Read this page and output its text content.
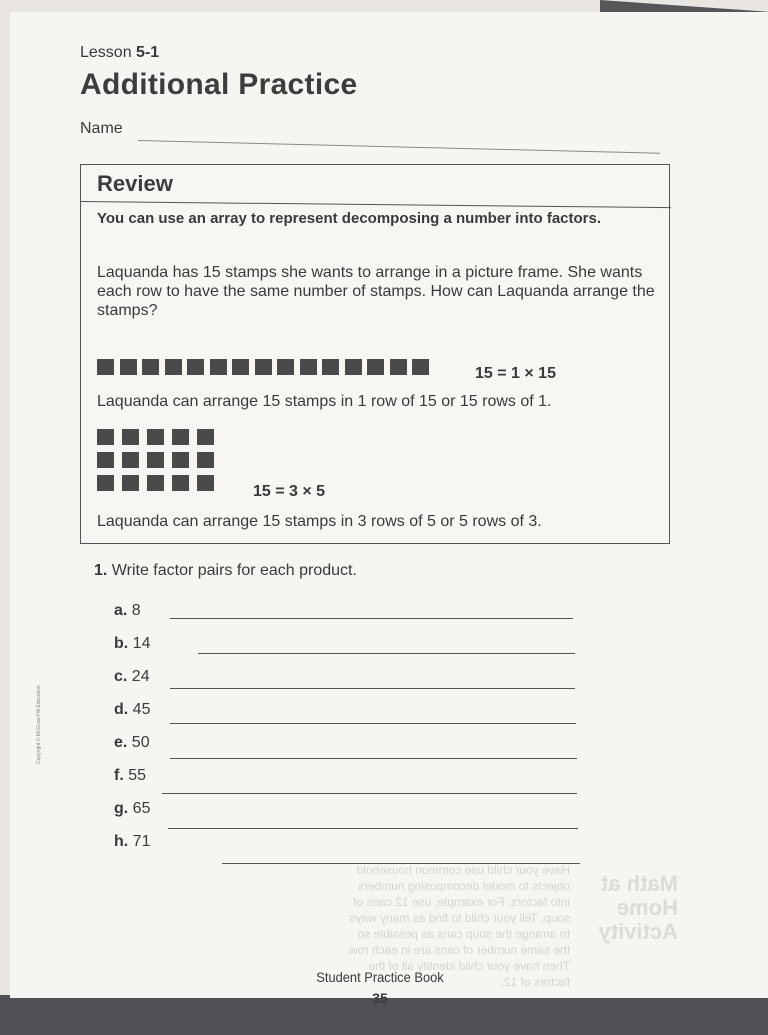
Lesson 5-1
Additional Practice
Name
Review
You can use an array to represent decomposing a number into factors.
Laquanda has 15 stamps she wants to arrange in a picture frame. She wants each row to have the same number of stamps. How can Laquanda arrange the stamps?
15 = 1 × 15
Laquanda can arrange 15 stamps in 1 row of 15 or 15 rows of 1.
15 = 3 × 5
Laquanda can arrange 15 stamps in 3 rows of 5 or 5 rows of 3.
1. Write factor pairs for each product.
a. 8
b. 14
c. 24
d. 45
e. 50
f. 55
g. 65
h. 71
Copyright © McGraw-Hill Education
Have your child use common household objects to model decomposing numbers into factors. For example, use 12 cans of soup. Tell your child to find as many ways to arrange the soup cans as possible so the same number of cans are in each row. Then have your child identify all of the factors of 12.
Math at Home Activity
Student Practice Book
35
